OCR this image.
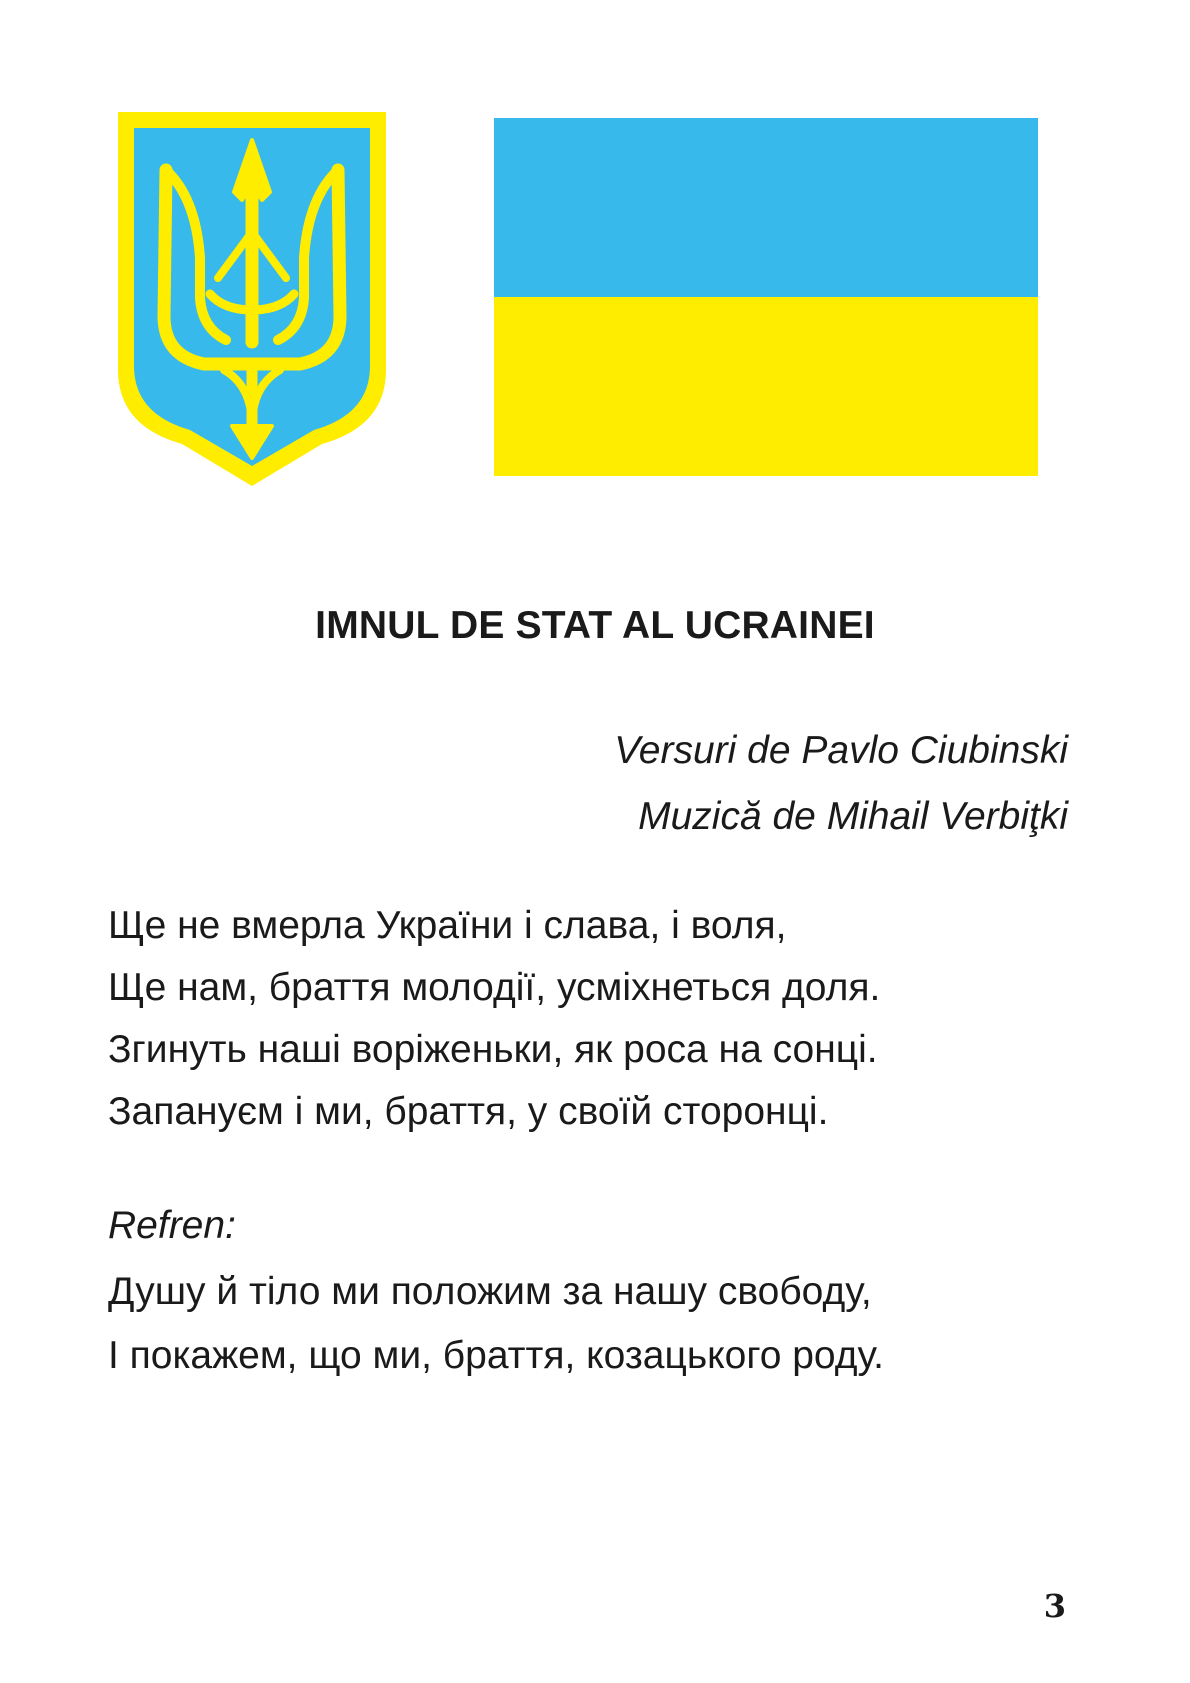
IMNUL DE STAT AL UCRAINEI
Versuri de Pavlo Ciubinski
Muzică de Mihail Verbiţki
Ще не вмерла України і слава, і воля,
Ще нам, браття молодії, усміхнеться доля.
Згинуть наші воріженьки, як роса на сонці.
Запануєм і ми, браття, у своїй сторонці.
Refren:
Душу й тіло ми положим за нашу свободу,
І покажем, що ми, браття, козацького роду.
3
